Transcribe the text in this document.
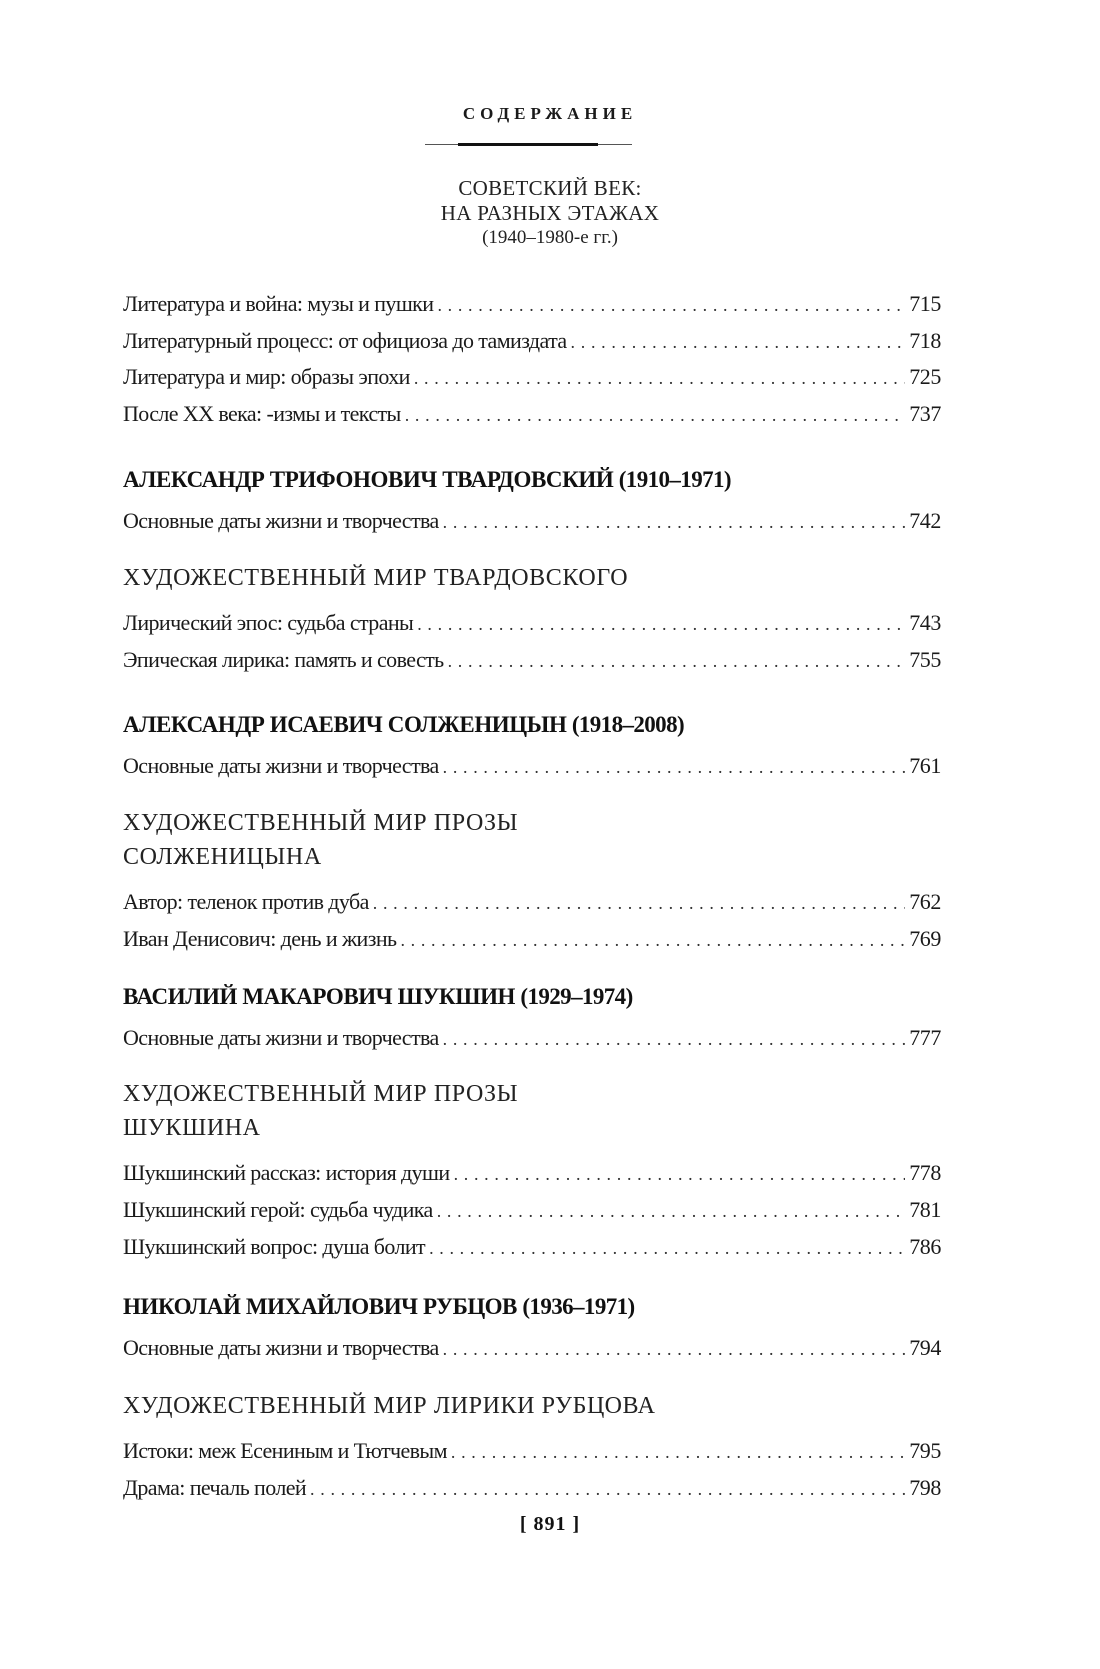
СОДЕРЖАНИЕ
СОВЕТСКИЙ ВЕК:
НА РАЗНЫХ ЭТАЖАХ
(1940–1980-е гг.)
Литература и война: музы и пушки . . .	715
Литературный процесс: от официоза до тамиздата . . .	718
Литература и мир: образы эпохи . . .	725
После XX века: -измы и тексты . . .	737
АЛЕКСАНДР ТРИФОНОВИЧ ТВАРДОВСКИЙ (1910–1971)
Основные даты жизни и творчества . . .	742
ХУДОЖЕСТВЕННЫЙ МИР ТВАРДОВСКОГО
Лирический эпос: судьба страны . . .	743
Эпическая лирика: память и совесть . . .	755
АЛЕКСАНДР ИСАЕВИЧ СОЛЖЕНИЦЫН (1918–2008)
Основные даты жизни и творчества . . .	761
ХУДОЖЕСТВЕННЫЙ МИР ПРОЗЫ
СОЛЖЕНИЦЫНА
Автор: теленок против дуба . . .	762
Иван Денисович: день и жизнь . . .	769
ВАСИЛИЙ МАКАРОВИЧ ШУКШИН (1929–1974)
Основные даты жизни и творчества . . .	777
ХУДОЖЕСТВЕННЫЙ МИР ПРОЗЫ
ШУКШИНА
Шукшинский рассказ: история души . . .	778
Шукшинский герой: судьба чудика . . .	781
Шукшинский вопрос: душа болит . . .	786
НИКОЛАЙ МИХАЙЛОВИЧ РУБЦОВ (1936–1971)
Основные даты жизни и творчества . . .	794
ХУДОЖЕСТВЕННЫЙ МИР ЛИРИКИ РУБЦОВА
Истоки: меж Есениным и Тютчевым . . .	795
Драма: печаль полей . . .	798
[ 891 ]
